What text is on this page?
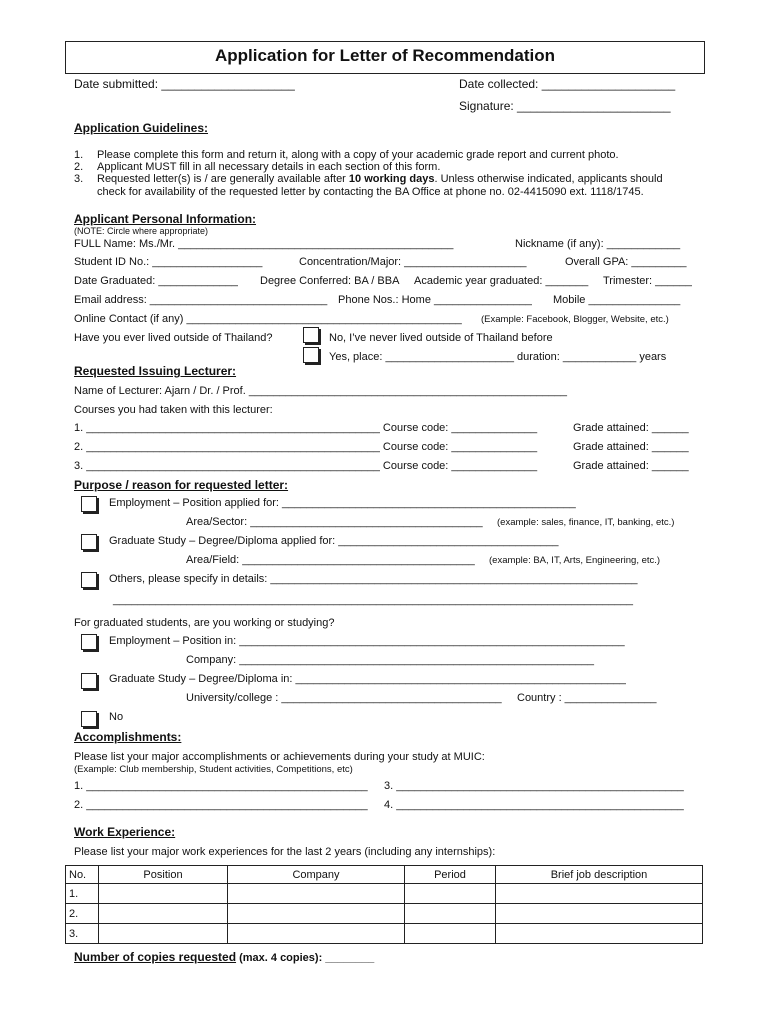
Application for Letter of Recommendation
Date submitted: ____________________	Date collected: ____________________
Signature: _______________________
Application Guidelines:
1. Please complete this form and return it, along with a copy of your academic grade report and current photo.
2. Applicant MUST fill in all necessary details in each section of this form.
3. Requested letter(s) is / are generally available after 10 working days. Unless otherwise indicated, applicants should
check for availability of the requested letter by contacting the BA Office at phone no. 02-4415090 ext. 1118/1745.
Applicant Personal Information:
(NOTE: Circle where appropriate)
FULL Name: Ms./Mr. _____________________________________________	Nickname (if any): ____________
Student ID No.: __________________	Concentration/Major: ____________________	Overall GPA: _________
Date Graduated: _____________ Degree Conferred: BA / BBA Academic year graduated: _______ Trimester: ______
Email address: _____________________________ Phone Nos.: Home ________________ Mobile _______________
Online Contact (if any) _____________________________________________ (Example: Facebook, Blogger, Website, etc.)
Have you ever lived outside of Thailand?	No, I’ve never lived outside of Thailand before
Yes, place: _____________________ duration: ____________ years
Requested Issuing Lecturer:
Name of Lecturer: Ajarn / Dr. / Prof. ____________________________________________________
Courses you had taken with this lecturer:
1. ________________________________________________ Course code: ______________	Grade attained: ______
2. ________________________________________________ Course code: ______________	Grade attained: ______
3. ________________________________________________ Course code: ______________	Grade attained: ______
Purpose / reason for requested letter:
Employment – Position applied for: ________________________________________________
Area/Sector: ______________________________________ (example: sales, finance, IT, banking, etc.)
Graduate Study – Degree/Diploma applied for: ____________________________________
Area/Field: ______________________________________ (example: BA, IT, Arts, Engineering, etc.)
Others, please specify in details: ____________________________________________________________
_____________________________________________________________________________________
For graduated students, are you working or studying?
Employment – Position in: _______________________________________________________________
Company: __________________________________________________________
Graduate Study – Degree/Diploma in: ______________________________________________________
University/college : ____________________________________ Country : _______________
No
Accomplishments:
Please list your major accomplishments or achievements during your study at MUIC:
(Example: Club membership, Student activities, Competitions, etc)
1. ______________________________________________ 3. _______________________________________________
2. ______________________________________________ 4. _______________________________________________
Work Experience:
Please list your major work experiences for the last 2 years (including any internships):
No.	Position	Company	Period	Brief job description
1.				
2.				
3.				
Number of copies requested (max. 4 copies): ________
